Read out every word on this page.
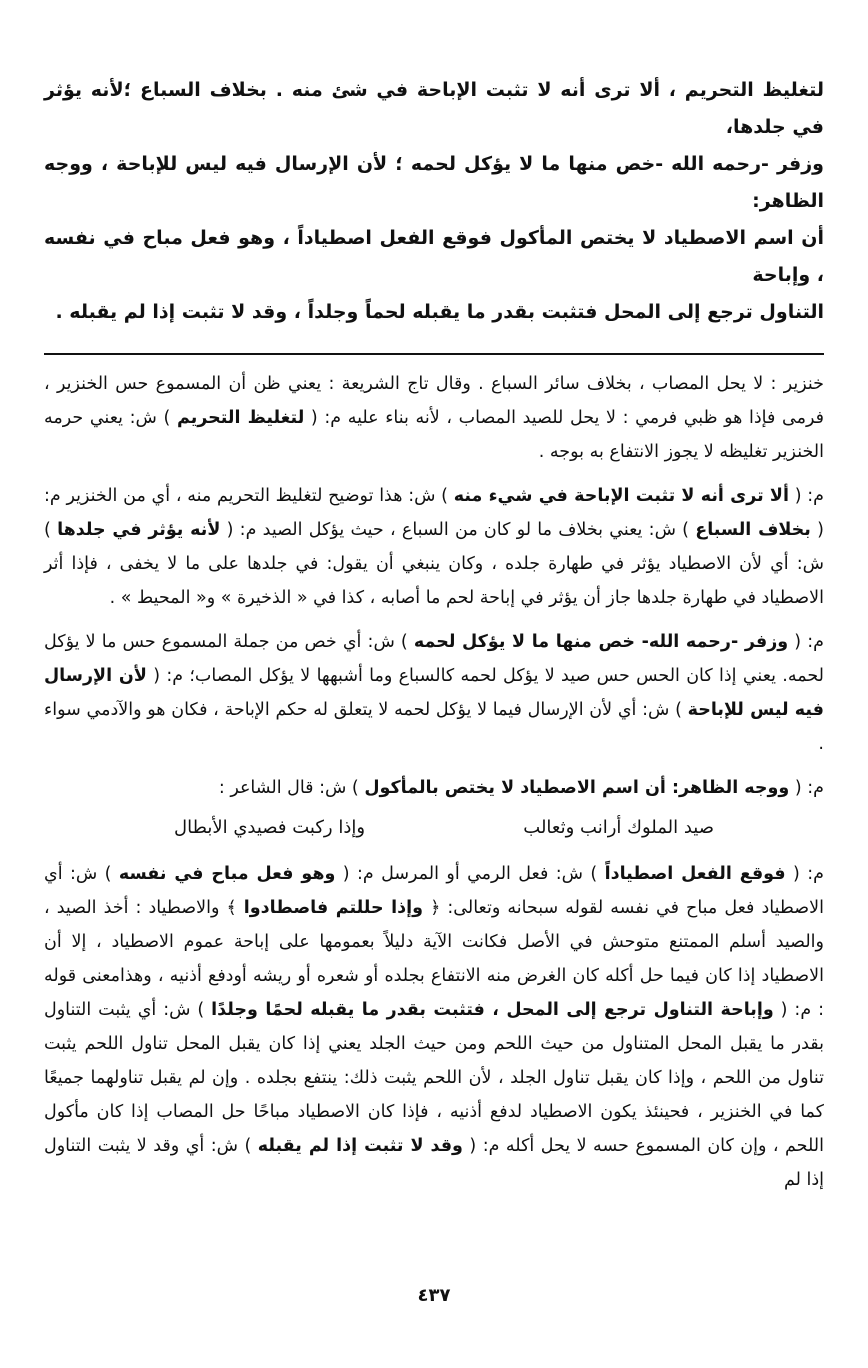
لتغليظ التحريم ، ألا ترى أنه لا تثبت الإباحة في شئ منه . بخلاف السباع ؛لأنه يؤثر في جلدها،

وزفر -رحمه الله -خص منها ما لا يؤكل لحمه ؛ لأن الإرسال فيه ليس للإباحة ، ووجه الظاهر:

أن اسم الاصطياد لا يختص المأكول فوقع الفعل اصطياداً ، وهو فعل مباح في نفسه ، وإباحة

التناول ترجع إلى المحل فتثبت بقدر ما يقبله لحماً وجلداً ، وقد لا تثبت إذا لم يقبله .

خنزير : لا يحل المصاب ، بخلاف سائر السباع . وقال تاج الشريعة : يعني ظن أن المسموع حس الخنزير ، فرمى فإذا هو ظبي فرمي : لا يحل للصيد المصاب ، لأنه بناء عليه م: ( لتغليظ التحريم ) ش: يعني حرمه الخنزير تغليظه لا يجوز الانتفاع به بوجه .

م: ( ألا ترى أنه لا تثبت الإباحة في شيء منه ) ش: هذا توضيح لتغليظ التحريم منه ، أي من الخنزير م: ( بخلاف السباع ) ش: يعني بخلاف ما لو كان من السباع ، حيث يؤكل الصيد م: ( لأنه يؤثر في جلدها ) ش: أي لأن الاصطياد يؤثر في طهارة جلده ، وكان ينبغي أن يقول: في جلدها على ما لا يخفى ، فإذا أثر الاصطياد في طهارة جلدها جاز أن يؤثر في إباحة لحم ما أصابه ، كذا في « الذخيرة » و« المحيط » .

م: ( وزفر -رحمه الله- خص منها ما لا يؤكل لحمه ) ش: أي خص من جملة المسموع حس ما لا يؤكل لحمه. يعني إذا كان الحس حس صيد لا يؤكل لحمه كالسباع وما أشبهها لا يؤكل المصاب؛ م: ( لأن الإرسال فيه ليس للإباحة ) ش: أي لأن الإرسال فيما لا يؤكل لحمه لا يتعلق له حكم الإباحة ، فكان هو والآدمي سواء .

م: ( ووجه الظاهر: أن اسم الاصطياد لا يختص بالمأكول ) ش: قال الشاعر :

صيد الملوك أرانب وثعالب
وإذا ركبت فصيدي الأبطال

م: ( فوقع الفعل اصطياداً ) ش: فعل الرمي أو المرسل م: ( وهو فعل مباح في نفسه ) ش: أي الاصطياد فعل مباح في نفسه لقوله سبحانه وتعالى: ﴿ وإذا حللتم فاصطادوا ﴾ والاصطياد : أخذ الصيد ، والصيد أسلم الممتنع متوحش في الأصل فكانت الآية دليلاً بعمومها على إباحة عموم الاصطياد ، إلا أن الاصطياد إذا كان فيما حل أكله كان الغرض منه الانتفاع بجلده أو شعره أو ريشه أودفع أذنيه ، وهذامعنى قوله : م: ( وإباحة التناول ترجع إلى المحل ، فتثبت بقدر ما يقبله لحمًا وجلدًا ) ش: أي يثبت التناول بقدر ما يقبل المحل المتناول من حيث اللحم ومن حيث الجلد يعني إذا كان يقبل المحل تناول اللحم يثبت تناول من اللحم ، وإذا كان يقبل تناول الجلد ، لأن اللحم يثبت ذلك: ينتفع بجلده . وإن لم يقبل تناولهما جميعًا كما في الخنزير ، فحينئذ يكون الاصطياد لدفع أذنيه ، فإذا كان الاصطياد مباحًا حل المصاب إذا كان مأكول اللحم ، وإن كان المسموع حسه لا يحل أكله م: ( وقد لا تثبت إذا لم يقبله ) ش: أي وقد لا يثبت التناول إذا لم

٤٣٧
